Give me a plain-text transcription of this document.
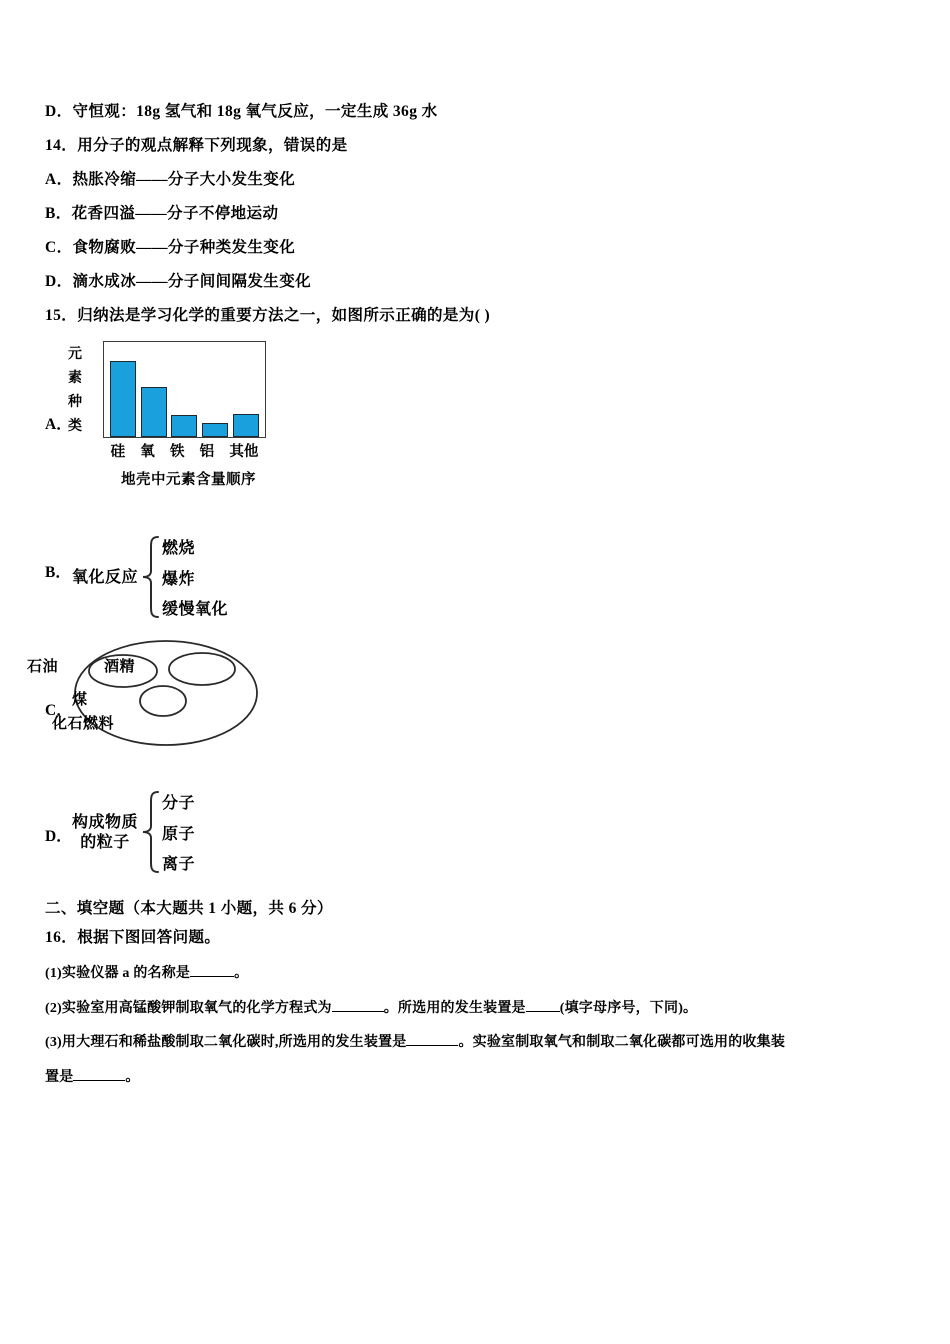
D．守恒观：18g 氢气和 18g 氧气反应，一定生成 36g 水
14．用分子的观点解释下列现象，错误的是
A．热胀冷缩——分子大小发生变化
B．花香四溢——分子不停地运动
C．食物腐败——分子种类发生变化
D．滴水成冰——分子间间隔发生变化
15．归纳法是学习化学的重要方法之一，如图所示正确的是为( )
A．
元
素
种
类
硅 氧 铁 铝 其他
地壳中元素含量顺序
B． 氧化反应
燃烧
爆炸
缓慢氧化
C．
石油	酒精
煤
化石燃料
D．
构成物质
的粒子
分子
原子
离子
二、填空题（本大题共 1 小题，共 6 分）
16．根据下图回答问题。
(1)实验仪器 a 的名称是	。
(2)实验室用高锰酸钾制取氧气的化学方程式为	。所选用的发生装置是 (填字母序号，下同)。
(3)用大理石和稀盐酸制取二氧化碳时,所选用的发生装置是	。实验室制取氧气和制取二氧化碳都可选用的收集装
置是	。
